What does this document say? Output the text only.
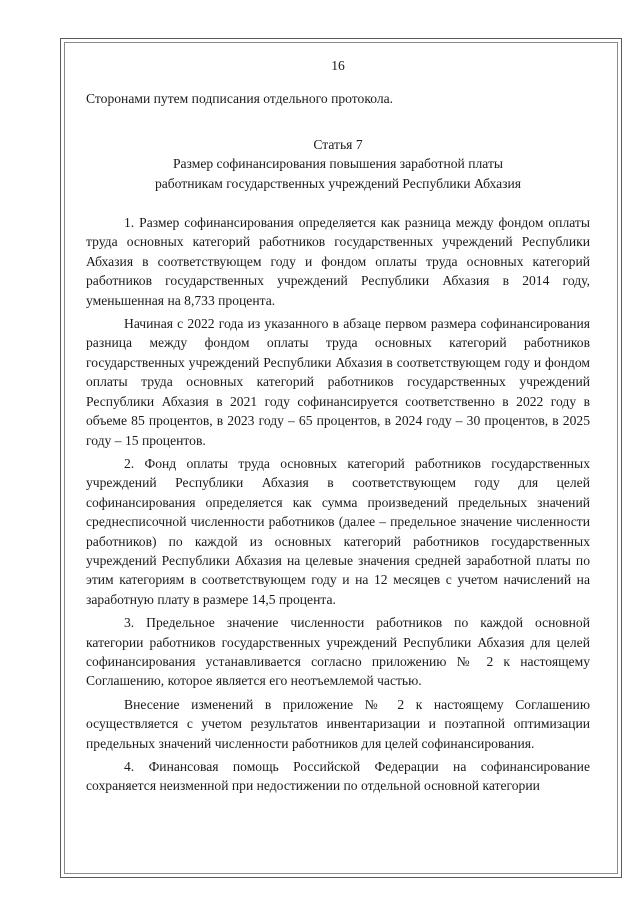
16
Сторонами путем подписания отдельного протокола.
Статья 7
Размер софинансирования повышения заработной платы
работникам государственных учреждений Республики Абхазия

1. Размер софинансирования определяется как разница между фондом оплаты труда основных категорий работников государственных учреждений Республики Абхазия в соответствующем году и фондом оплаты труда основных категорий работников государственных учреждений Республики Абхазия в 2014 году, уменьшенная на 8,733 процента.

Начиная с 2022 года из указанного в абзаце первом размера софинансирования разница между фондом оплаты труда основных категорий работников государственных учреждений Республики Абхазия в соответствующем году и фондом оплаты труда основных категорий работников государственных учреждений Республики Абхазия в 2021 году софинансируется соответственно в 2022 году в объеме 85 процентов, в 2023 году – 65 процентов, в 2024 году – 30 процентов, в 2025 году – 15 процентов.

2. Фонд оплаты труда основных категорий работников государственных учреждений Республики Абхазия в соответствующем году для целей софинансирования определяется как сумма произведений предельных значений среднесписочной численности работников (далее – предельное значение численности работников) по каждой из основных категорий работников государственных учреждений Республики Абхазия на целевые значения средней заработной платы по этим категориям в соответствующем году и на 12 месяцев с учетом начислений на заработную плату в размере 14,5 процента.

3. Предельное значение численности работников по каждой основной категории работников государственных учреждений Республики Абхазия для целей софинансирования устанавливается согласно приложению № 2 к настоящему Соглашению, которое является его неотъемлемой частью.

Внесение изменений в приложение № 2 к настоящему Соглашению осуществляется с учетом результатов инвентаризации и поэтапной оптимизации предельных значений численности работников для целей софинансирования.

4. Финансовая помощь Российской Федерации на софинансирование сохраняется неизменной при недостижении по отдельной основной категории
